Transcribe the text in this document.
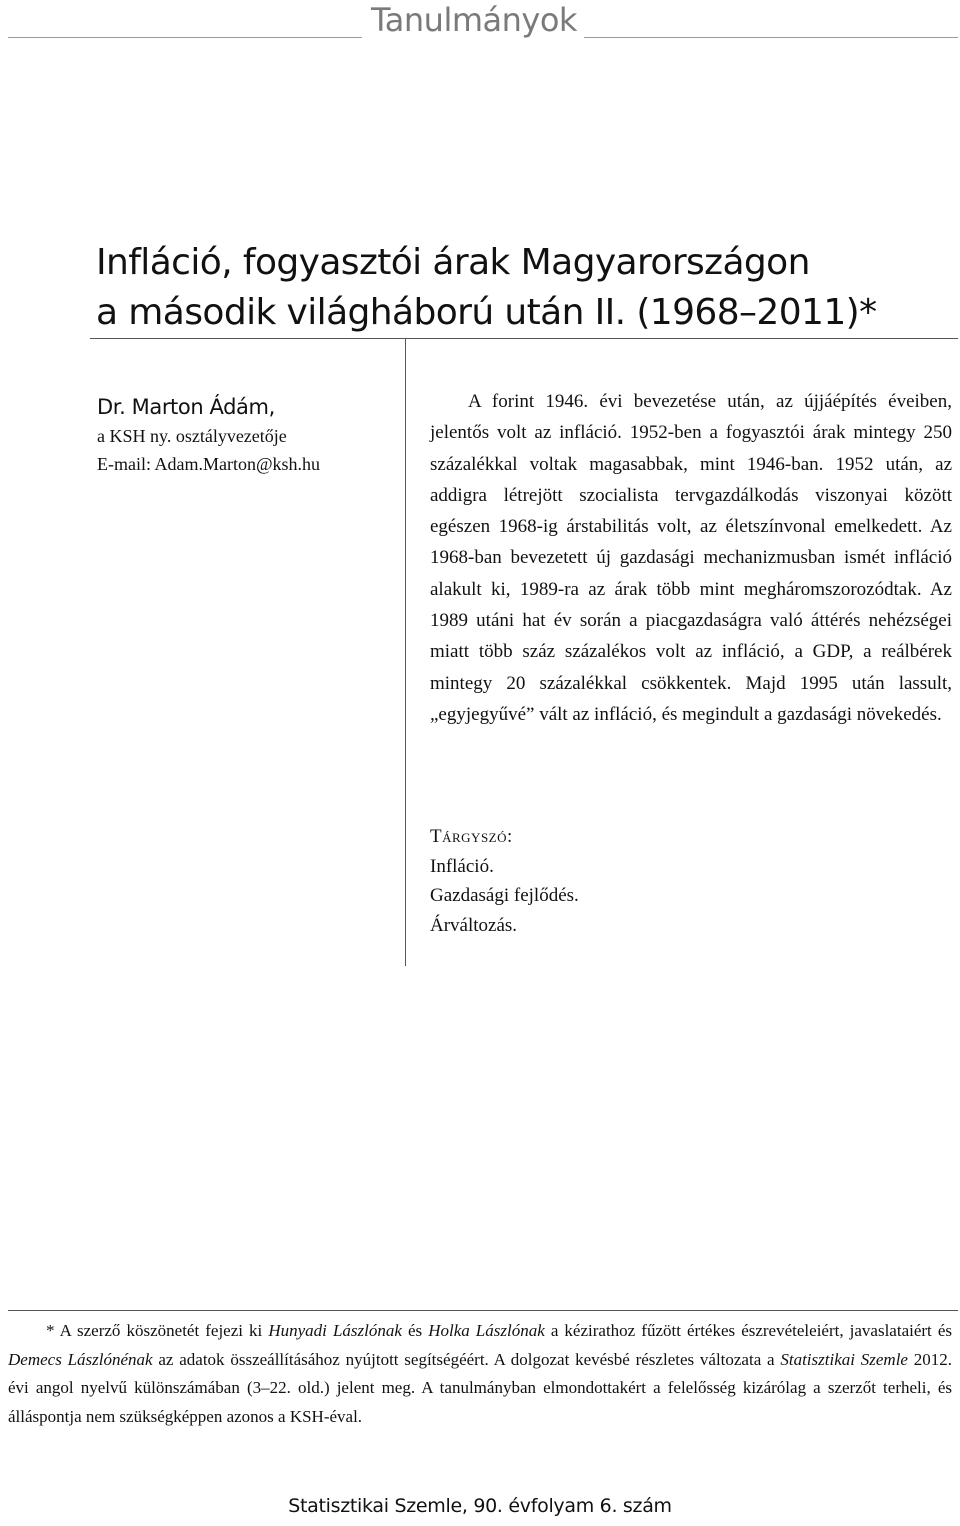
Tanulmányok
Infláció, fogyasztói árak Magyarországon
a második világháború után II. (1968–2011)*
Dr. Marton Ádám,
a KSH ny. osztályvezetője
E-mail: Adam.Marton@ksh.hu

A forint 1946. évi bevezetése után, az újjáépítés éveiben, jelentős volt az infláció. 1952-ben a fogyasztói árak mintegy 250 százalékkal voltak magasabbak, mint 1946-ban. 1952 után, az addigra létrejött szocialista tervgazdálkodás viszonyai között egészen 1968-ig árstabilitás volt, az életszínvonal emelkedett. Az 1968-ban bevezetett új gazdasági mechanizmusban ismét infláció alakult ki, 1989-ra az árak több mint megháromszorozódtak. Az 1989 utáni hat év során a piacgazdaságra való áttérés nehézségei miatt több száz százalékos volt az infláció, a GDP, a reálbérek mintegy 20 százalékkal csökkentek. Majd 1995 után lassult, „egyjegyűvé” vált az infláció, és megindult a gazdasági növekedés.

Tárgyszó:
Infláció.
Gazdasági fejlődés.
Árváltozás.

* A szerző köszönetét fejezi ki Hunyadi Lászlónak és Holka Lászlónak a kézirathoz fűzött értékes észrevételeiért, javaslataiért és Demecs Lászlónénak az adatok összeállításához nyújtott segítségéért. A dolgozat kevésbé részletes változata a Statisztikai Szemle 2012. évi angol nyelvű különszámában (3–22. old.) jelent meg. A tanulmányban elmondottakért a felelősség kizárólag a szerzőt terheli, és álláspontja nem szükségképpen azonos a KSH-éval.

Statisztikai Szemle, 90. évfolyam 6. szám
